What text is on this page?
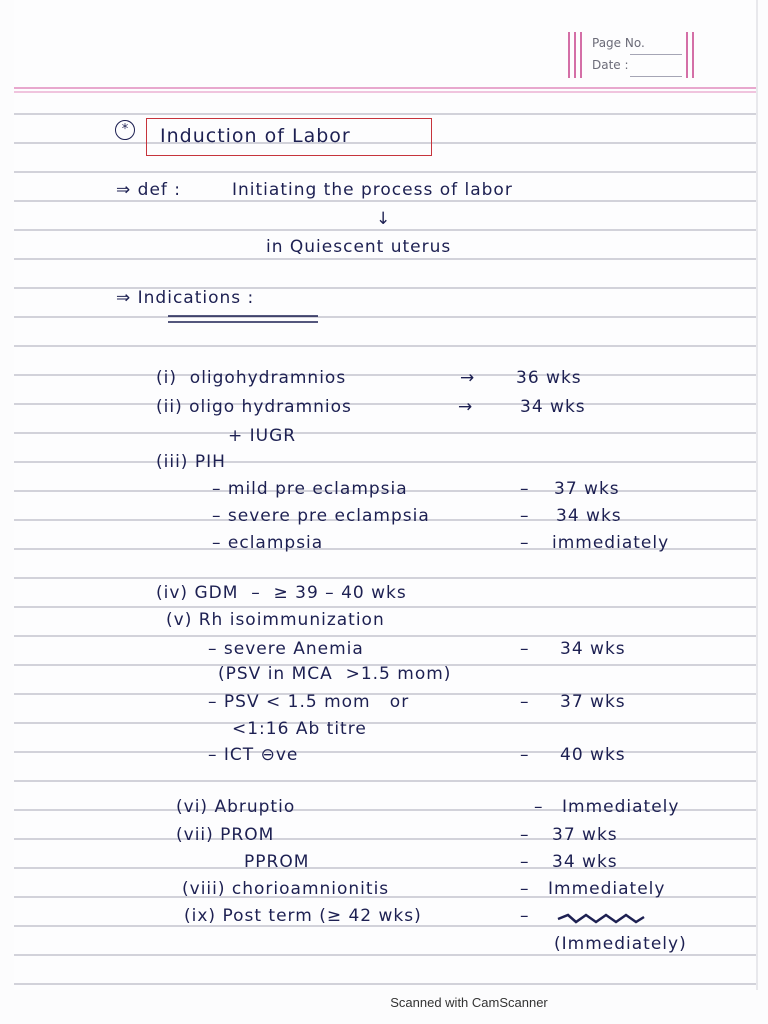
Page No.
Date :
*	Induction of Labor
⇒ def :	Initiating the process of labor
↓
in Quiescent uterus
⇒ Indications :
(i)  oligohydramnios	→ 36 wks
(ii) oligo hydramnios	→	34 wks
+ IUGR
(iii) PIH
– mild pre eclampsia	– 37 wks
– severe pre eclampsia	– 34 wks
– eclampsia	– immediately
(iv) GDM  –  ≥ 39 – 40 wks
(v) Rh isoimmunization
– severe Anemia	– 34 wks
(PSV in MCA  >1.5 mom)
– PSV < 1.5 mom   or	– 37 wks
<1:16 Ab titre
– ICT ⊖ve	– 40 wks
(vi) Abruptio	– Immediately
(vii) PROM	– 37 wks
PPROM	– 34 wks
(viii) chorioamnionitis	– Immediately
(ix) Post term (≥ 42 wks)	–
(Immediately)
Scanned with CamScanner
